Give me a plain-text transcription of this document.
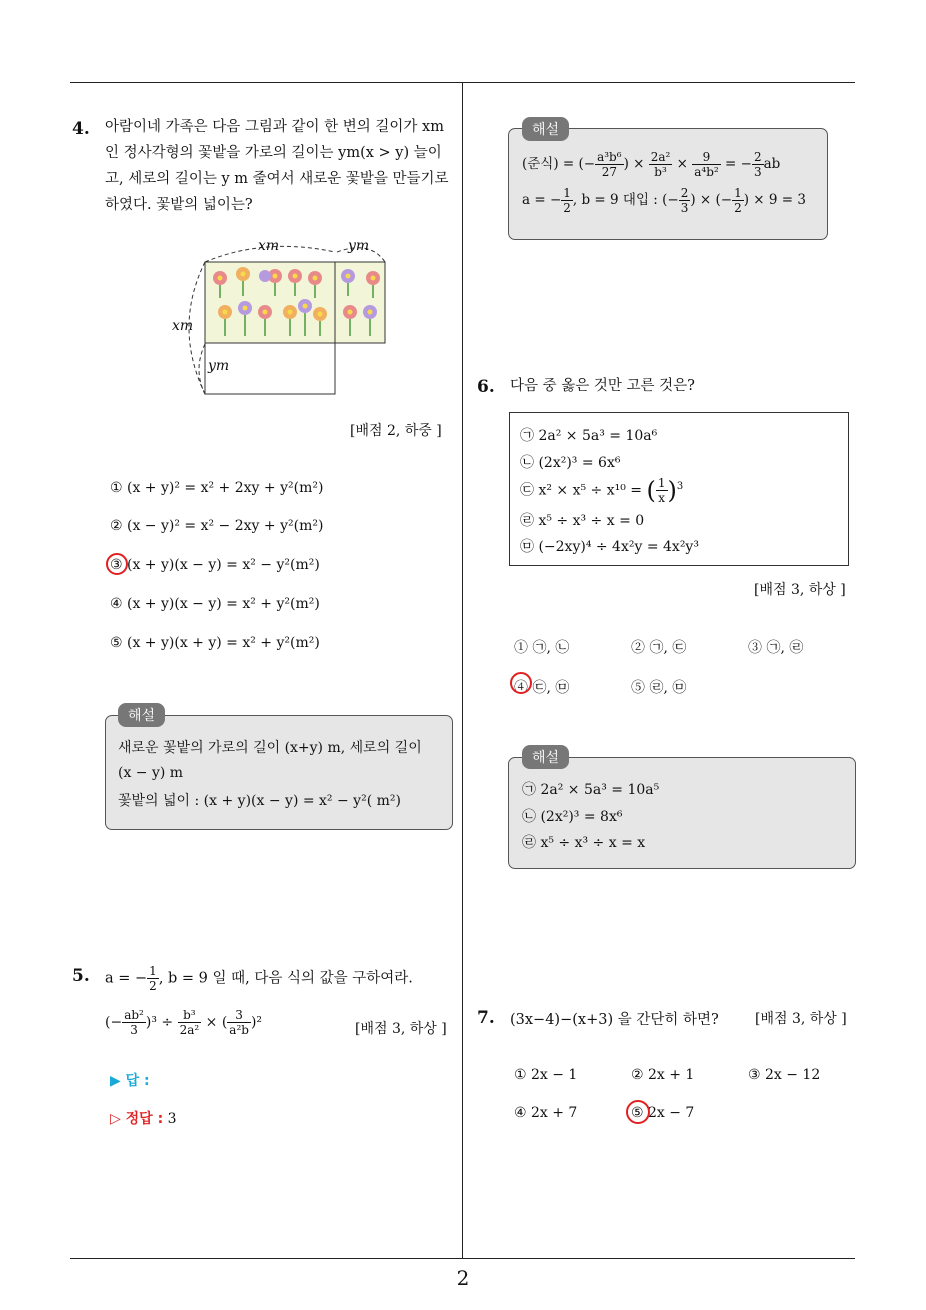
2
4. 아람이네 가족은 다음 그림과 같이 한 변의 길이가 xm
인 정사각형의 꽃밭을 가로의 길이는 ym(x > y) 늘이
고, 세로의 길이는 y m 줄여서 새로운 꽃밭을 만들기로
하였다. 꽃밭의 넓이는?
xm	ym
xm
ym
[배점 2, 하중 ]
① (x + y)² = x² + 2xy + y²(m²)
② (x − y)² = x² − 2xy + y²(m²)
③ (x + y)(x − y) = x² − y²(m²)
④ (x + y)(x − y) = x² + y²(m²)
⑤ (x + y)(x + y) = x² + y²(m²)
해설
새로운 꽃밭의 가로의 길이 (x+y) m, 세로의 길이
(x − y) m
꽃밭의 넓이 : (x + y)(x − y) = x² − y²( m²)
5. a = − $\frac{1}{2}$ , b = 9 일 때, 다음 식의 값을 구하여라.
(− $\frac{\text{ab²}}{3} )^3 \div \frac{\text{b³}}{\text{2a²}}$ × ( $\frac{3}{\text{a²b}} )^2$	[배점 3, 하상 ]
▶ 답 :
▷ 정답 : 3
해설
(준식) = (− $\frac{\text{a³b⁶}}{27}$ ) × $\frac{\text{2a²}}{\text{b³}} \times \frac{9}{\text{a⁴b²}}$ = − $\frac{2}{3}$ ab
a = − $\frac{1}{2}$ , b = 9 대입 : (− $\frac{2}{3}$ ) × (− $\frac{1}{2}$ ) × 9 = 3
6. 다음 중 옳은 것만 고른 것은?
㉠ 2a² × 5a³ = 10a⁶
㉡ (2x²)³ = 6x⁶
㉢ x² × x⁵ ÷ x¹⁰ = ( $\frac{1}{x} )^3$
㉣ x⁵ ÷ x³ ÷ x = 0
㉤ (−2xy)⁴ ÷ 4x²y = 4x²y³
[배점 3, 하상 ]
① ㉠, ㉡	② ㉠, ㉢	③ ㉠, ㉣
④ ㉢, ㉤	⑤ ㉣, ㉤
해설
㉠ 2a² × 5a³ = 10a⁵
㉡ (2x²)³ = 8x⁶
㉣ x⁵ ÷ x³ ÷ x = x
7. (3x−4)−(x+3) 을 간단히 하면?	[배점 3, 하상 ]
① 2x − 1	② 2x + 1	③ 2x − 12
④ 2x + 7	⑤ 2x − 7
